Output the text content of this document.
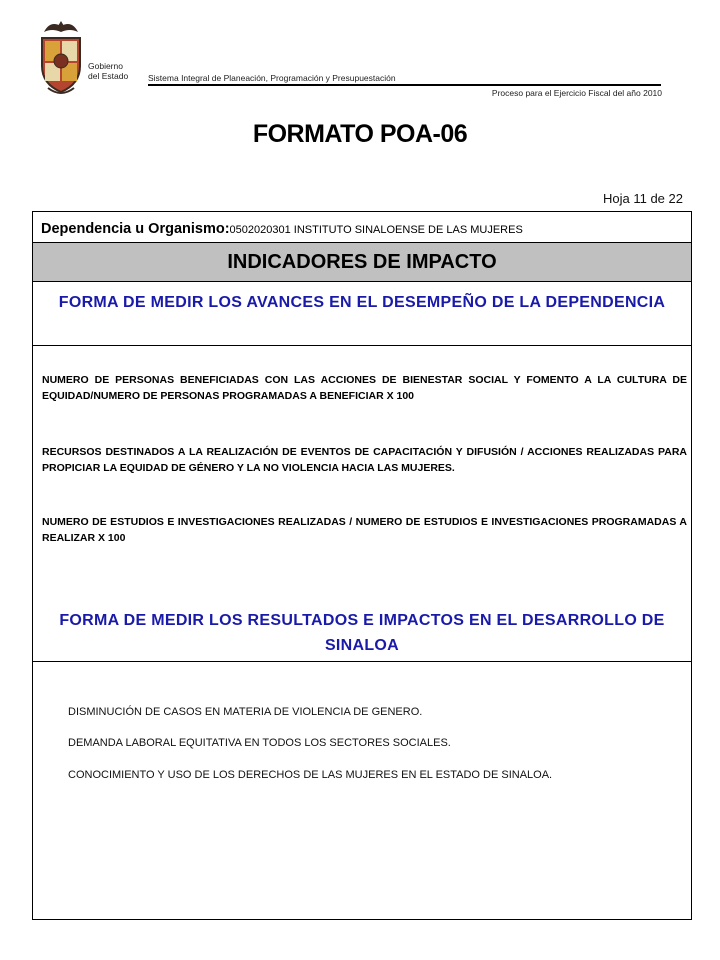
Gobierno
del Estado Sistema Integral de Planeación, Programación y Presupuestación
Proceso para el Ejercicio Fiscal del año 2010
FORMATO POA-06
Hoja 11 de 22
Dependencia u Organismo:0502020301 INSTITUTO SINALOENSE DE LAS MUJERES
INDICADORES DE IMPACTO
FORMA DE MEDIR LOS AVANCES EN EL DESEMPEÑO DE LA DEPENDENCIA
NUMERO DE PERSONAS BENEFICIADAS CON LAS ACCIONES DE BIENESTAR SOCIAL Y FOMENTO A LA CULTURA DE EQUIDAD/NUMERO DE PERSONAS PROGRAMADAS A BENEFICIAR X 100
RECURSOS DESTINADOS A LA REALIZACIÓN DE EVENTOS DE CAPACITACIÓN Y DIFUSIÓN / ACCIONES REALIZADAS PARA PROPICIAR LA EQUIDAD DE GÉNERO Y LA NO VIOLENCIA HACIA LAS MUJERES.
NUMERO DE ESTUDIOS E INVESTIGACIONES REALIZADAS / NUMERO DE ESTUDIOS E INVESTIGACIONES PROGRAMADAS A REALIZAR X 100
FORMA DE MEDIR LOS RESULTADOS E IMPACTOS EN EL DESARROLLO DE SINALOA
DISMINUCIÓN DE CASOS EN MATERIA DE VIOLENCIA DE GENERO.
DEMANDA LABORAL EQUITATIVA EN TODOS LOS SECTORES SOCIALES.
CONOCIMIENTO Y USO DE LOS DERECHOS DE LAS MUJERES EN EL ESTADO DE SINALOA.
